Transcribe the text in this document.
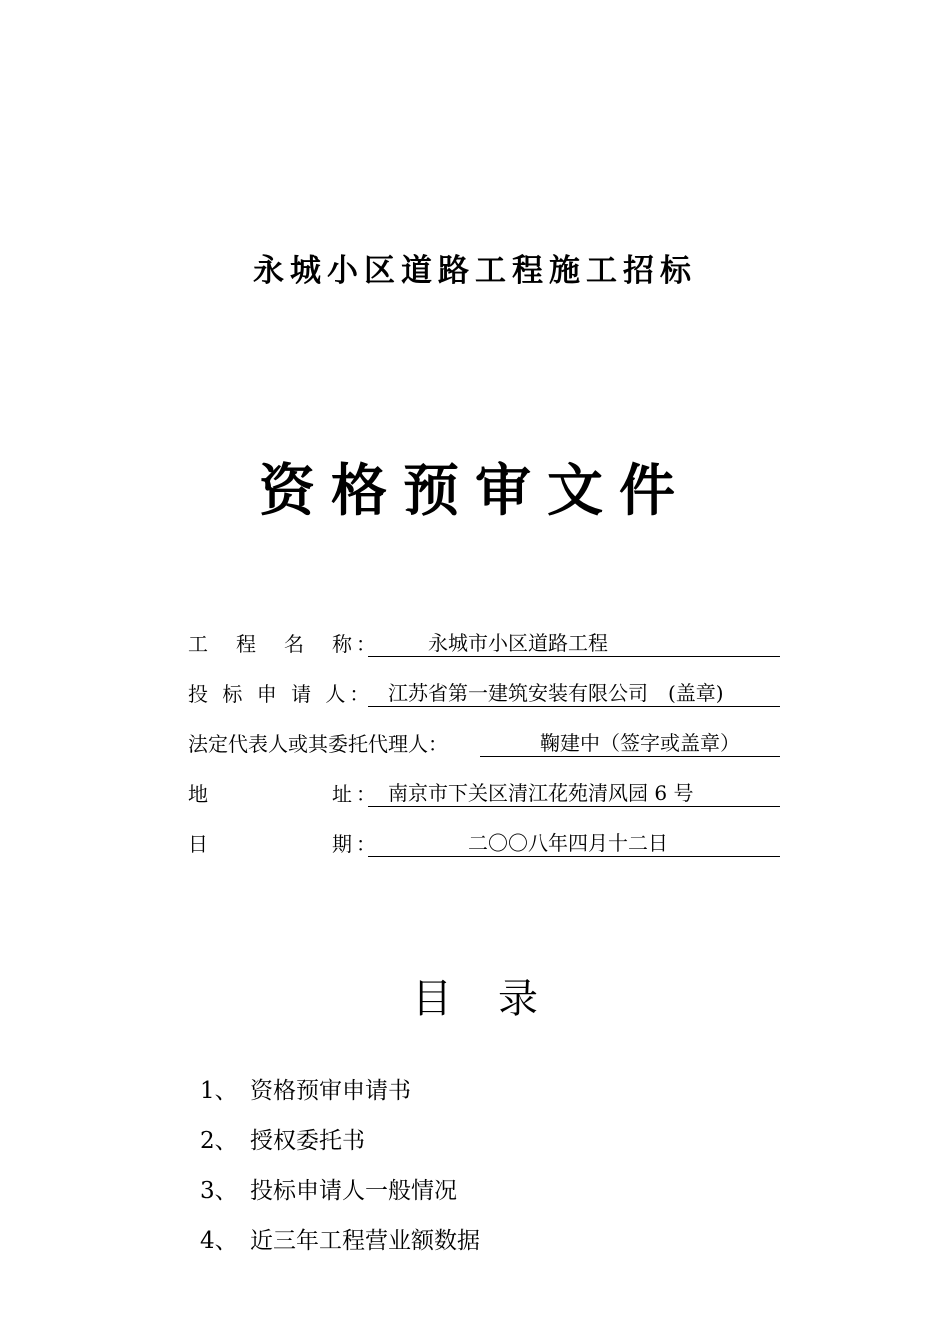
永城小区道路工程施工招标
资格预审文件
工　程　名　称：
　　　永城市小区道路工程　　　　　　
投 标 申 请 人：
　江苏省第一建筑安装有限公司　(盖章)
法定代表人或其委托代理人： 　　　鞠建中（签字或盖章）　
地　　　　　址：
　南京市下关区清江花苑清风园 6 号　　　
日　　　　　期：
　　　　　二〇〇八年四月十二日　　　　
目录
1、 资格预审申请书
2、 授权委托书
3、 投标申请人一般情况
4、 近三年工程营业额数据
